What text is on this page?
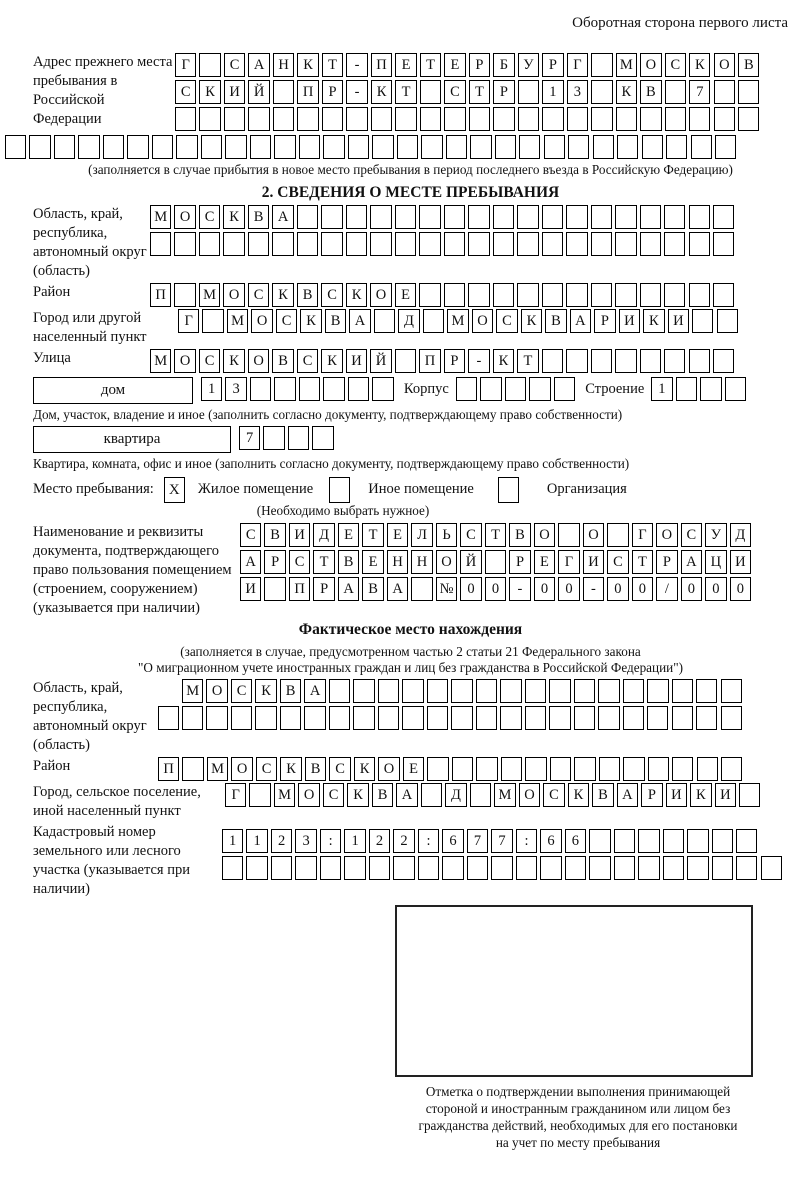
Оборотная сторона первого листа
Адрес прежнего места пребывания в Российской Федерации
Г	С А Н К	Т	-	П	Е	Т	Е	Р	Б	У	Р	Г	М О С	К О В
С	К И Й	П	Р	-	К	Т	С	Т	Р	1	3	К	В	7
(заполняется в случае прибытия в новое место пребывания в период последнего въезда в Российскую Федерацию)
2. СВЕДЕНИЯ О МЕСТЕ ПРЕБЫВАНИЯ
Область, край, республика, автономный округ (область)
М О С	К	В А
Район	П	М О С	К	В	С	К О	Е
Город или другой населенный пункт
Г	М О С	К	В А	Д	М О С	К	В А	Р	И К И
Улица	М О С	К О В	С	К И Й	П	Р	-	К	Т
дом	1	3	Корпус	Строение 1
Дом, участок, владение и иное (заполнить согласно документу, подтверждающему право собственности)
квартира	7
Квартира, комната, офис и иное (заполнить согласно документу, подтверждающему право собственности)
Место пребывания:	X	Жилое помещение	Иное помещение	Организация
(Необходимо выбрать нужное)
Наименование и реквизиты документа, подтверждающего право пользования помещением (строением, сооружением) (указывается при наличии)
С	В И Д	Е	Т	Е	Л	Ь	С	Т	В О	О	Г	О С	У Д
А	Р	С	Т	В	Е	Н Н О Й	Р	Е	Г	И С	Т	Р	А Ц И
И	П	Р	А В А	№ 0	0	-	0	0	-	0	0	/	0	0	0
Фактическое место нахождения
(заполняется в случае, предусмотренном частью 2 статьи 21 Федерального закона
"О миграционном учете иностранных граждан и лиц без гражданства в Российской Федерации")
Область, край, республика, автономный округ (область)
М О С	К	В А
Район	П	М О С	К	В	С	К О	Е
Город, сельское поселение, иной населенный пункт
Г	М О С	К	В А	Д	М О С	К	В А	Р	И К И
Кадастровый номер земельного или лесного участка (указывается при наличии)
1	1	2	3	:	1	2	2	:	6	7	7	:	6	6
Отметка о подтверждении выполнения принимающей
стороной и иностранным гражданином или лицом без
гражданства действий, необходимых для его постановки
на учет по месту пребывания
